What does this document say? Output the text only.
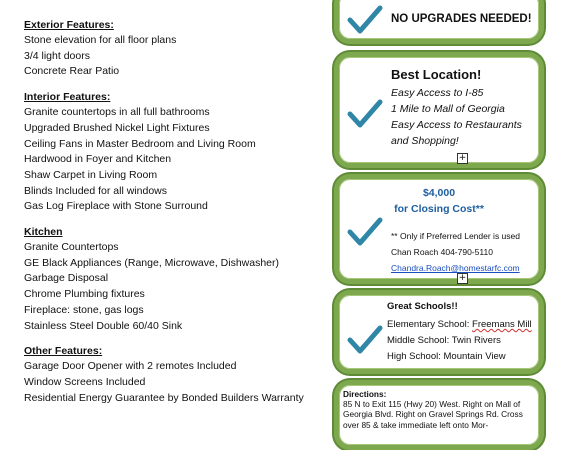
Exterior Features:

Stone elevation for all floor plans

3/4 light doors

Concrete Rear Patio

Interior Features:

Granite countertops in all full bathrooms

Upgraded Brushed Nickel Light Fixtures

Ceiling Fans in Master Bedroom and Living Room

Hardwood in Foyer and Kitchen

Shaw Carpet in Living Room

Blinds Included for all windows

Gas Log Fireplace with Stone Surround

Kitchen

Granite Countertops

GE Black Appliances (Range, Microwave, Dishwasher)

Garbage Disposal

Chrome Plumbing fixtures

Fireplace: stone, gas logs

Stainless Steel Double 60/40 Sink

Other Features:

Garage Door Opener with 2 remotes Included

Window Screens Included

Residential Energy Guarantee by Bonded Builders Warranty

NO UPGRADES NEEDED!
Best Location!
Easy Access to I-85
1 Mile to Mall of Georgia
Easy Access to Restaurants
and Shopping!
+
$4,000
for Closing Cost**
** Only if Preferred Lender is used
Chan Roach 404-790-5110
Chandra.Roach@homestarfc.com
+
Great Schools!!
Elementary School: Freemans Mill
Middle School: Twin Rivers
High School: Mountain View
Directions:
85 N to Exit 115 (Hwy 20) West. Right on Mall of Georgia Blvd. Right on Gravel Springs Rd. Cross over 85 & take immediate left onto Mor-
